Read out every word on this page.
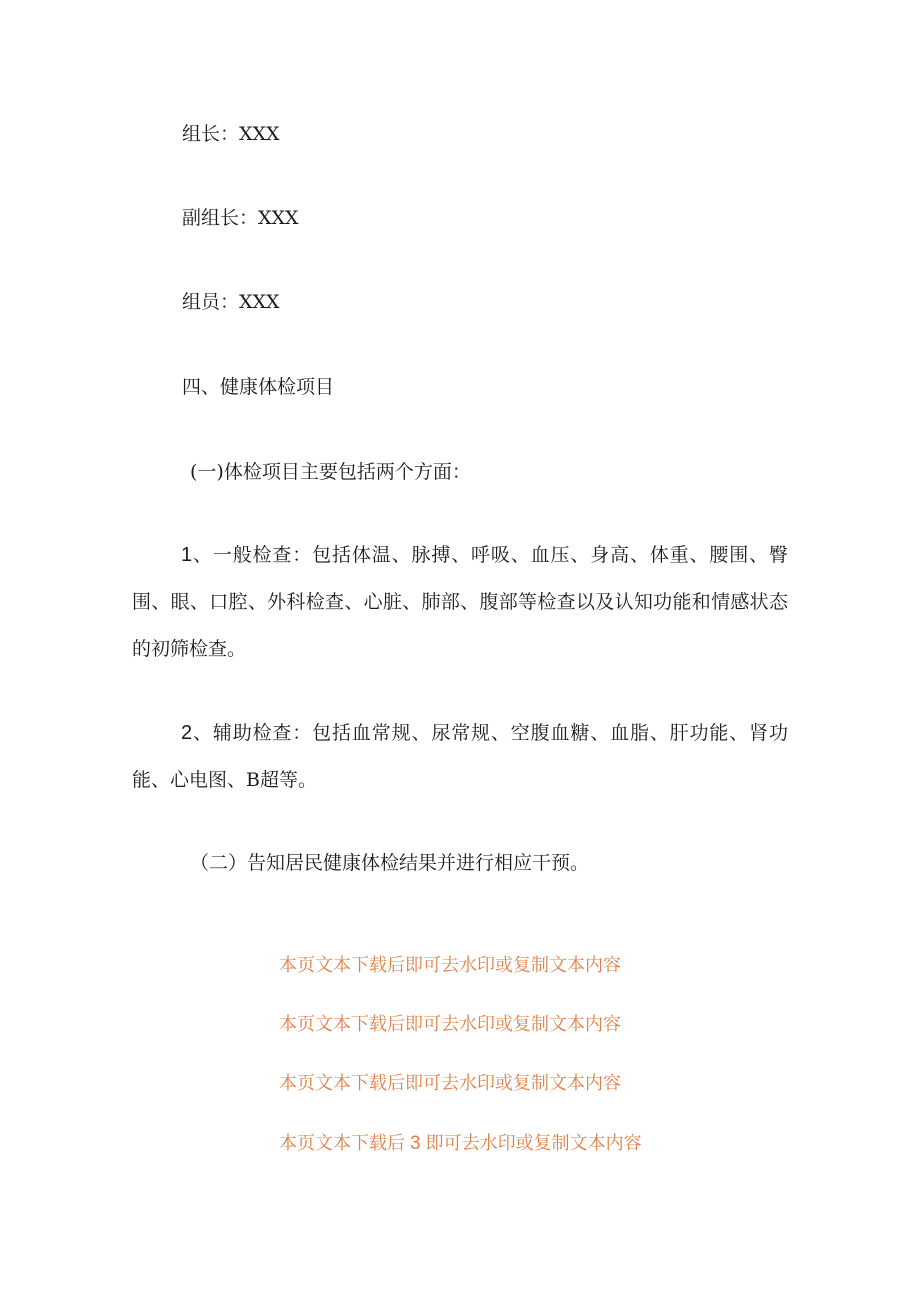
组长：XXX
副组长：XXX
组员：XXX
四、健康体检项目
(一)体检项目主要包括两个方面：
1、一般检查：包括体温、脉搏、呼吸、血压、身高、体重、腰围、臀围、眼、口腔、外科检查、心脏、肺部、腹部等检查以及认知功能和情感状态的初筛检查。
2、辅助检查：包括血常规、尿常规、空腹血糖、血脂、肝功能、肾功能、心电图、B超等。
（二）告知居民健康体检结果并进行相应干预。
本页文本下载后即可去水印或复制文本内容
本页文本下载后即可去水印或复制文本内容
本页文本下载后即可去水印或复制文本内容
本页文本下载后 3 即可去水印或复制文本内容
